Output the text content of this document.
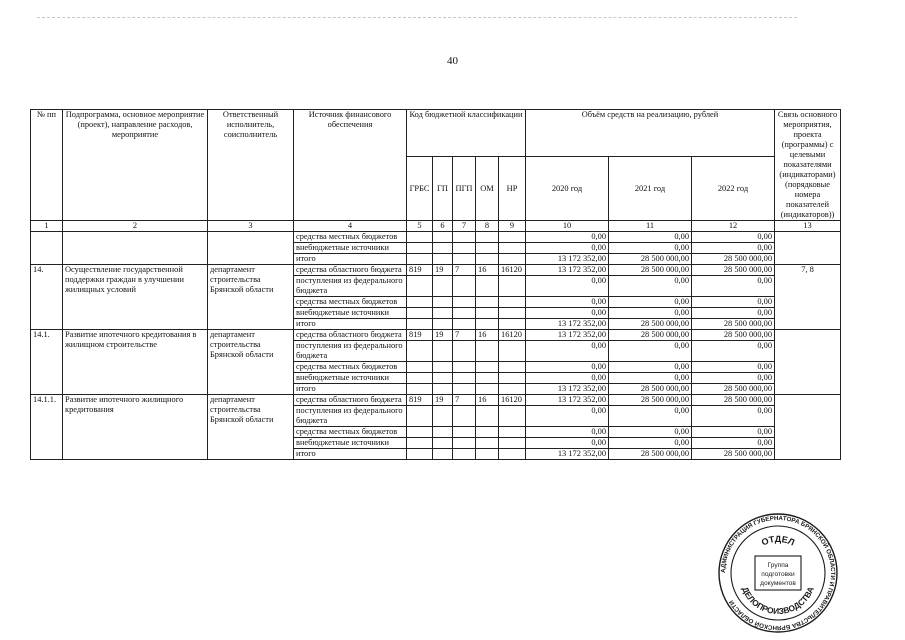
40
№ пп	Подпрограмма, основное мероприятие (проект), направление расходов, мероприятие	Ответственный исполнитель, соисполнитель	Источник финансового обеспечения	Код бюджетной классификации					Объём средств на реализацию, рублей			Связь основного мероприятия, проекта (программы) с целевыми показателями (индикаторами) (порядковые номера показателей (индикаторов))
				ГРБС	ГП	ПГП	ОМ	НР	2020 год	2021 год	2022 год	
1	2	3	4	5	6	7	8	9	10	11	12	13
			средства местных бюджетов						0,00	0,00	0,00	
			внебюджетные источники						0,00	0,00	0,00	
			итого						13 172 352,00	28 500 000,00	28 500 000,00	
14.	Осуществление государственной поддержки граждан в улучшении жилищных условий	департамент строительства Брянской области	средства областного бюджета	819	19	7	16	16120	13 172 352,00	28 500 000,00	28 500 000,00	7, 8
			поступления из федерального бюджета						0,00	0,00	0,00	
			средства местных бюджетов						0,00	0,00	0,00	
			внебюджетные источники						0,00	0,00	0,00	
			итого						13 172 352,00	28 500 000,00	28 500 000,00	
14.1.	Развитие ипотечного кредитования в жилищном строительстве	департамент строительства Брянской области	средства областного бюджета	819	19	7	16	16120	13 172 352,00	28 500 000,00	28 500 000,00	
			поступления из федерального бюджета						0,00	0,00	0,00	
			средства местных бюджетов						0,00	0,00	0,00	
			внебюджетные источники						0,00	0,00	0,00	
			итого						13 172 352,00	28 500 000,00	28 500 000,00	
14.1.1.	Развитие ипотечного жилищного кредитования	департамент строительства Брянской области	средства областного бюджета	819	19	7	16	16120	13 172 352,00	28 500 000,00	28 500 000,00	
			поступления из федерального бюджета						0,00	0,00	0,00	
			средства местных бюджетов						0,00	0,00	0,00	
			внебюджетные источники						0,00	0,00	0,00	
			итого						13 172 352,00	28 500 000,00	28 500 000,00	
АДМИНИСТРАЦИЯ ГУБЕРНАТОРА БРЯНСКОЙ ОБЛАСТИ И ПРАВИТЕЛЬСТВА БРЯНСКОЙ ОБЛАСТИ
ОТДЕЛ
ДЕЛОПРОИЗВОДСТВА
Группа
подготовки
документов
